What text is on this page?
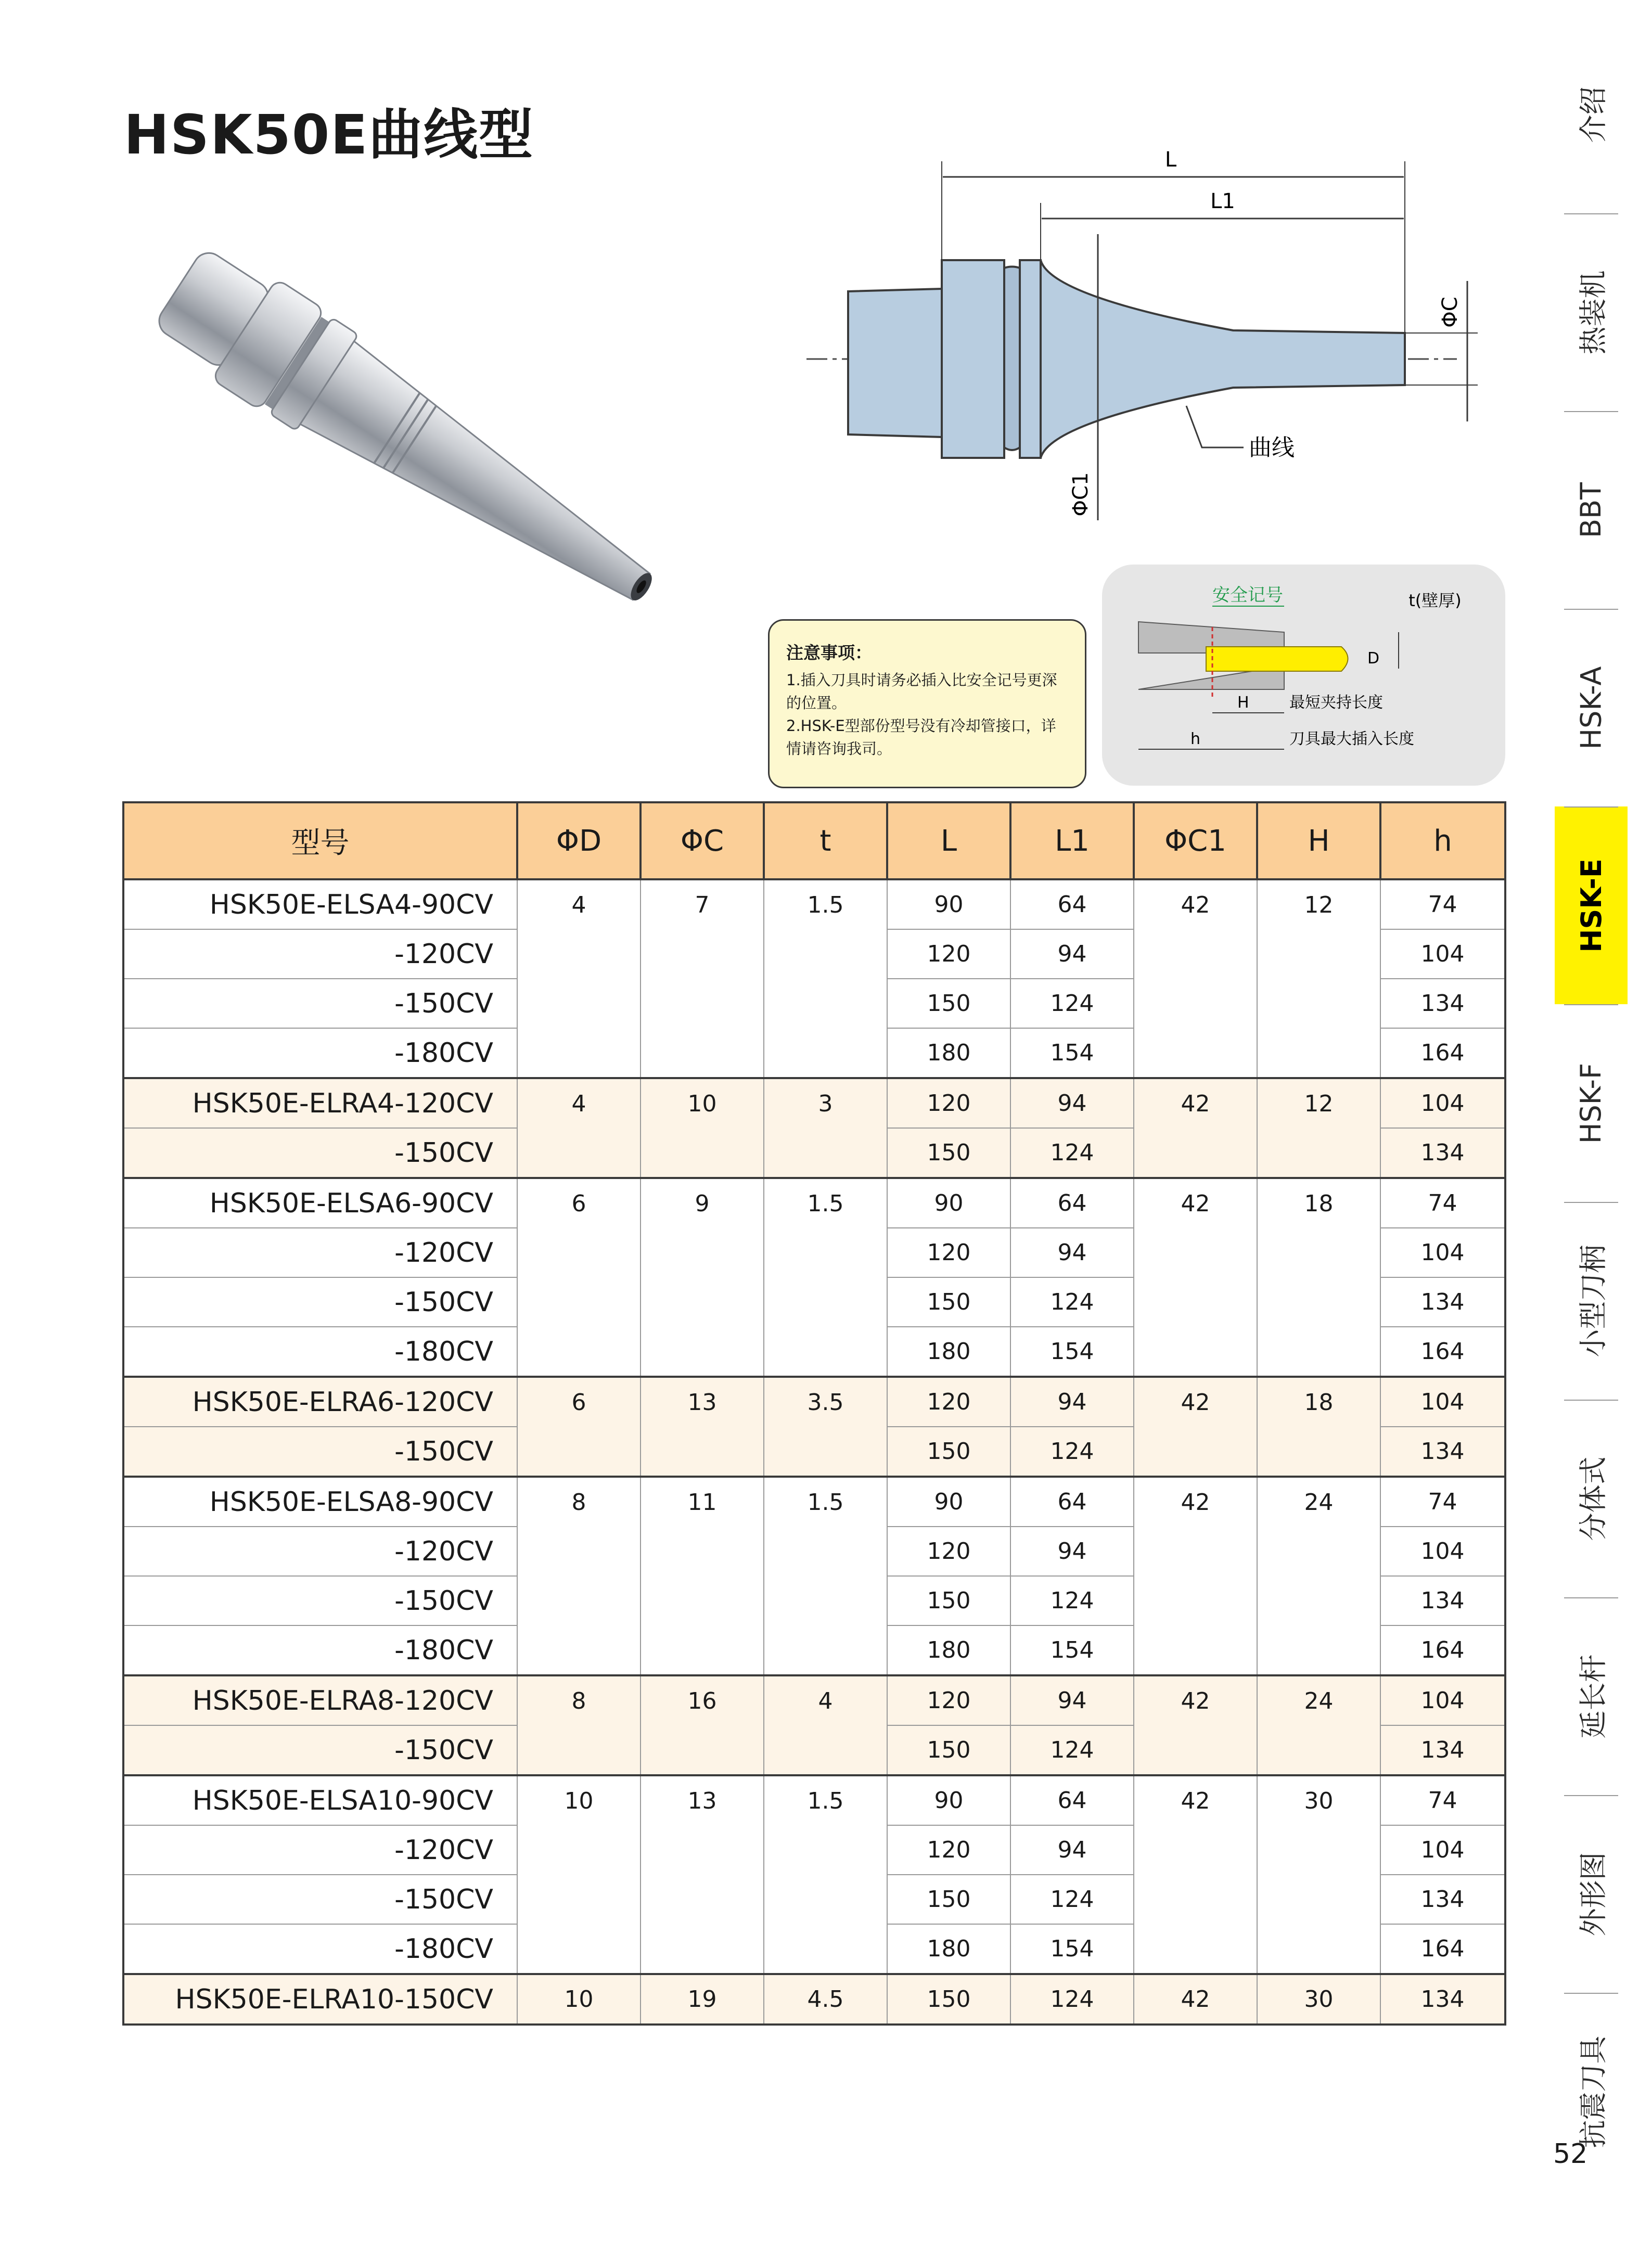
HSK50E曲线型	L
L1
ΦC
ΦC1
曲线
注意事项：
1.插入刀具时请务必插入比安全记号更深的位置。
2.HSK-E型部份型号没有冷却管接口，详情请咨询我司。
安全记号	t(壁厚)
D
H	最短夹持长度
h	刀具最大插入长度
型号	ΦD	ΦC	t	L	L1	ΦC1	H	h
HSK50E-ELSA4-90CV	4	7	1.5	90	64	42	12	74
-120CV				120	94			104
-150CV				150	124			134
-180CV				180	154			164
HSK50E-ELRA4-120CV	4	10	3	120	94	42	12	104
-150CV				150	124			134
HSK50E-ELSA6-90CV	6	9	1.5	90	64	42	18	74
-120CV				120	94			104
-150CV				150	124			134
-180CV				180	154			164
HSK50E-ELRA6-120CV	6	13	3.5	120	94	42	18	104
-150CV				150	124			134
HSK50E-ELSA8-90CV	8	11	1.5	90	64	42	24	74
-120CV				120	94			104
-150CV				150	124			134
-180CV				180	154			164
HSK50E-ELRA8-120CV	8	16	4	120	94	42	24	104
-150CV				150	124			134
HSK50E-ELSA10-90CV	10	13	1.5	90	64	42	30	74
-120CV				120	94			104
-150CV				150	124			134
-180CV				180	154			164
HSK50E-ELRA10-150CV	10	19	4.5	150	124	42	30	134
介绍
热装机
BBT
HSK-A
HSK-E
HSK-F
小型刀柄
分体式
延长杆
外形图
抗震刀具
52
